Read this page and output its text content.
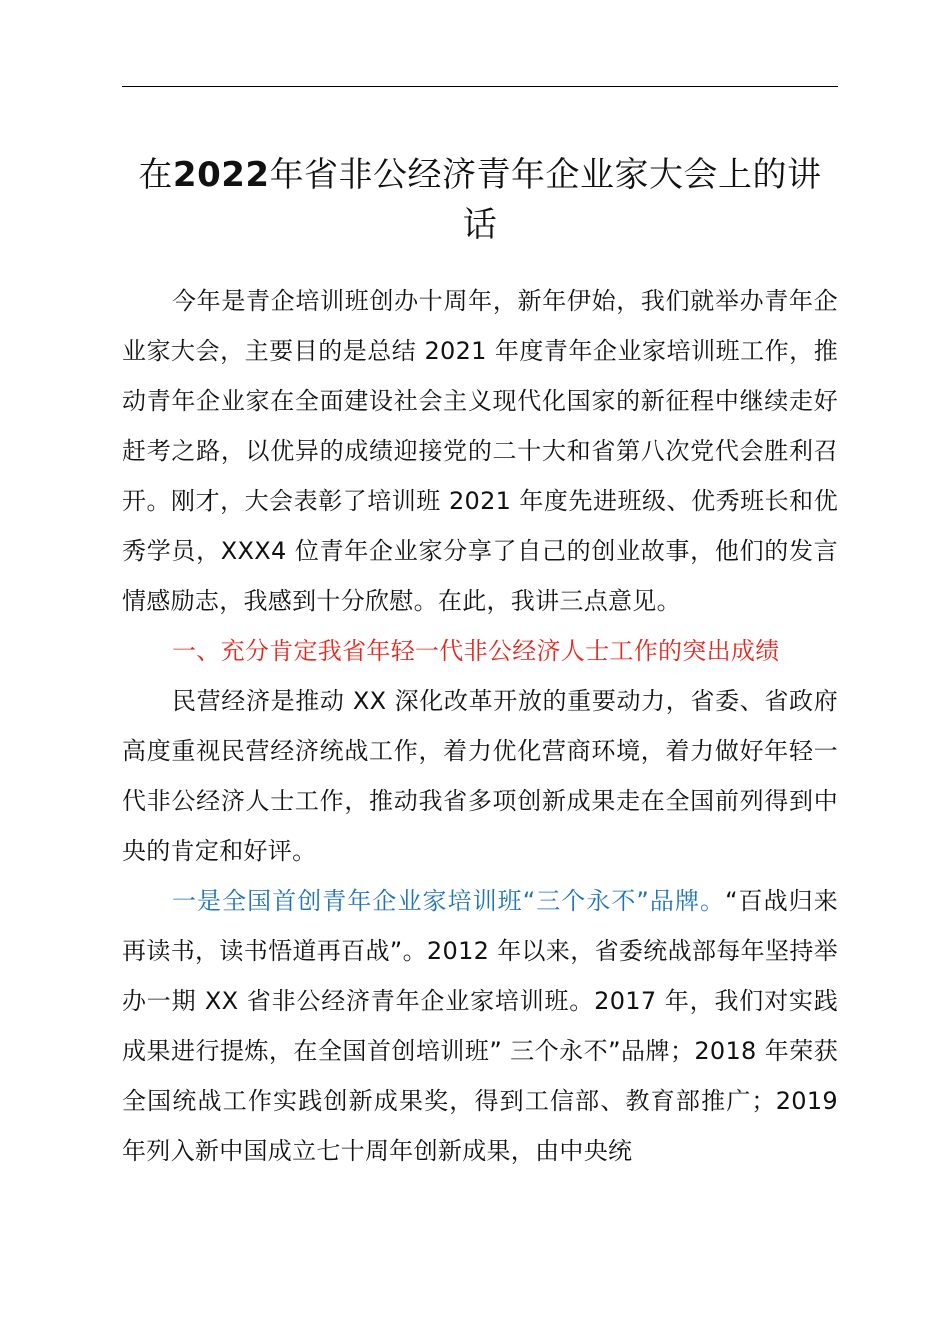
在2022年省非公经济青年企业家大会上的讲话

今年是青企培训班创办十周年，新年伊始，我们就举办青年企业家大会，主要目的是总结 2021 年度青年企业家培训班工作，推动青年企业家在全面建设社会主义现代化国家的新征程中继续走好赶考之路，以优异的成绩迎接党的二十大和省第八次党代会胜利召开。刚才，大会表彰了培训班 2021 年度先进班级、优秀班长和优秀学员，XXX4 位青年企业家分享了自己的创业故事，他们的发言情感励志，我感到十分欣慰。在此，我讲三点意见。

一、充分肯定我省年轻一代非公经济人士工作的突出成绩

民营经济是推动 XX 深化改革开放的重要动力，省委、省政府高度重视民营经济统战工作，着力优化营商环境，着力做好年轻一代非公经济人士工作，推动我省多项创新成果走在全国前列得到中央的肯定和好评。

一是全国首创青年企业家培训班“三个永不”品牌。“百战归来再读书，读书悟道再百战”。2012 年以来，省委统战部每年坚持举办一期 XX 省非公经济青年企业家培训班。2017 年，我们对实践成果进行提炼，在全国首创培训班” 三个永不”品牌；2018 年荣获全国统战工作实践创新成果奖，得到工信部、教育部推广；2019 年列入新中国成立七十周年创新成果，由中央统
